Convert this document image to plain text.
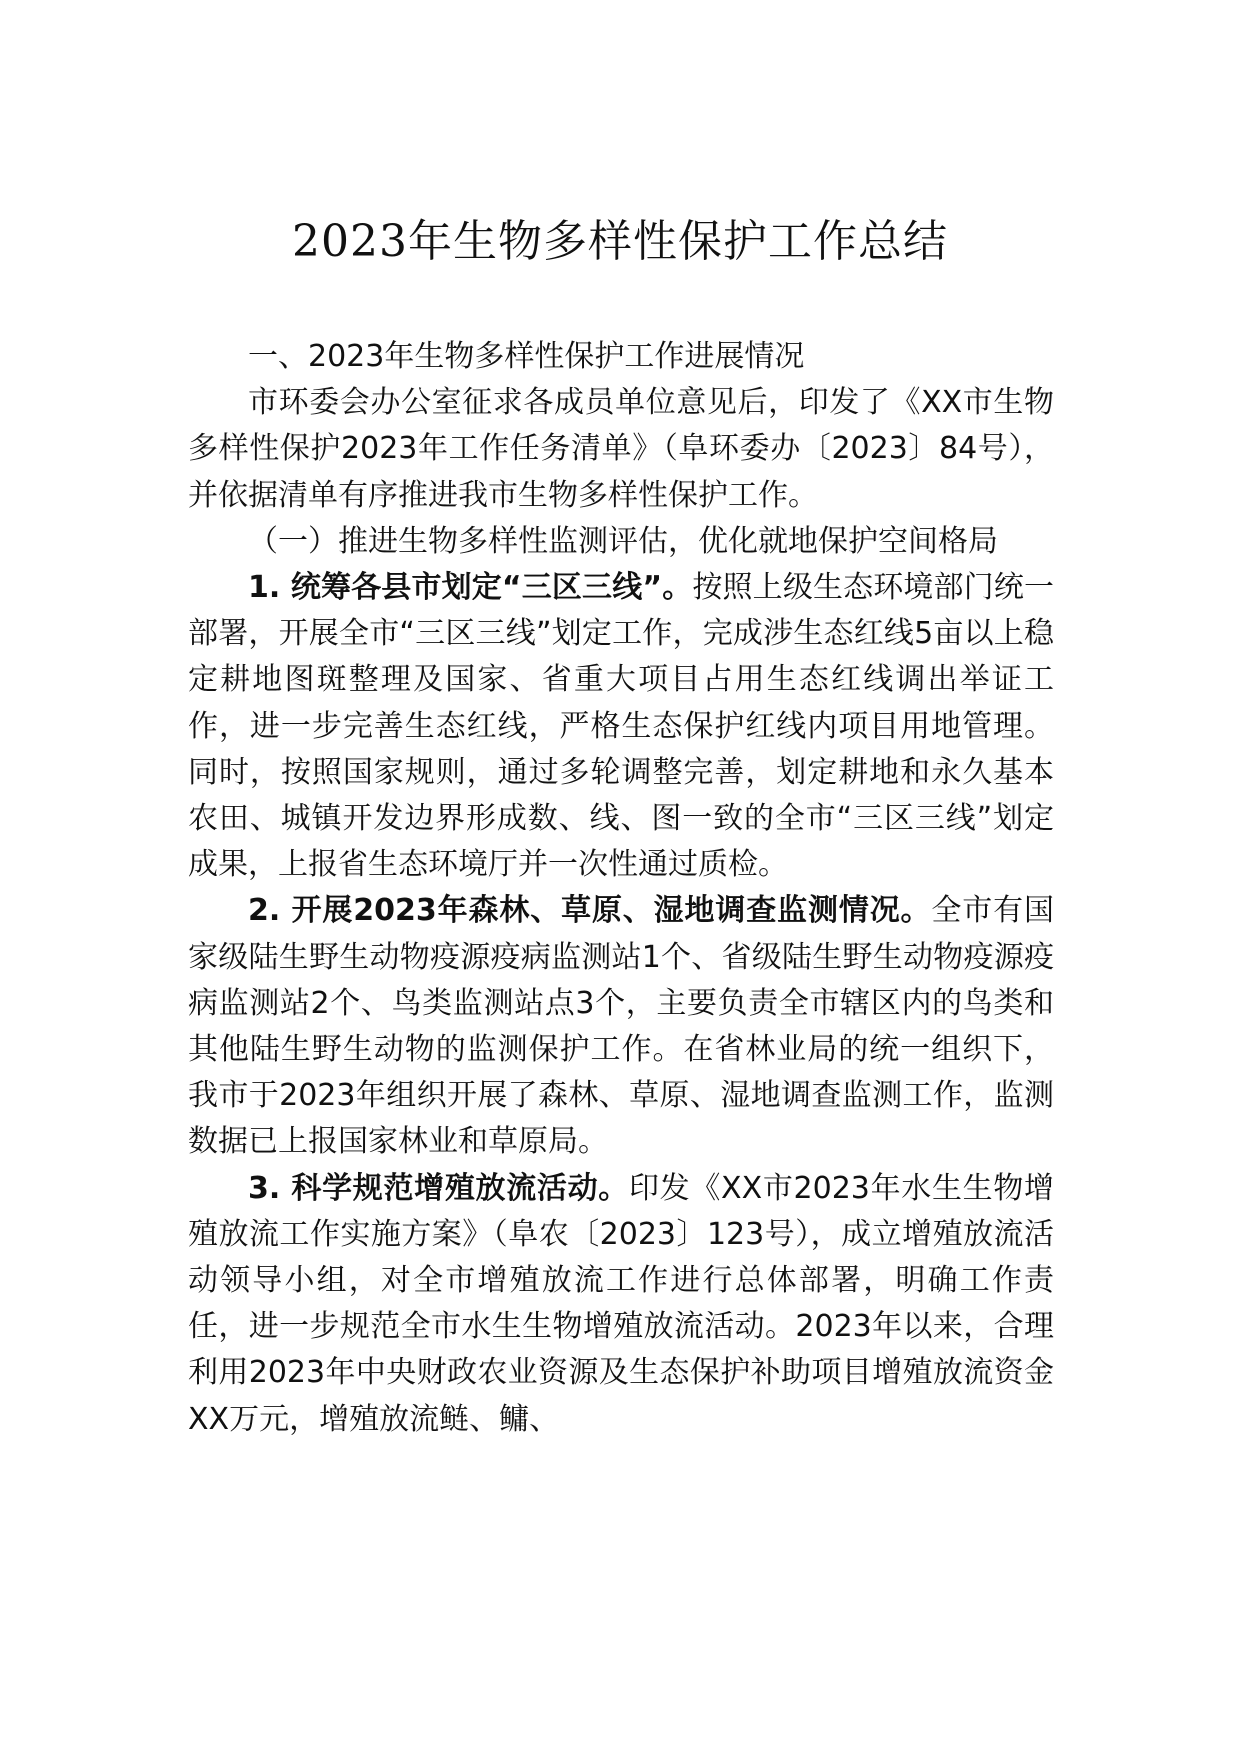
2023年生物多样性保护工作总结

一、2023年生物多样性保护工作进展情况

市环委会办公室征求各成员单位意见后，印发了《XX市生物多样性保护2023年工作任务清单》（阜环委办〔2023〕84号），并依据清单有序推进我市生物多样性保护工作。

（一）推进生物多样性监测评估，优化就地保护空间格局

1. 统筹各县市划定“三区三线”。按照上级生态环境部门统一部署，开展全市“三区三线”划定工作，完成涉生态红线5亩以上稳定耕地图斑整理及国家、省重大项目占用生态红线调出举证工作，进一步完善生态红线，严格生态保护红线内项目用地管理。同时，按照国家规则，通过多轮调整完善，划定耕地和永久基本农田、城镇开发边界形成数、线、图一致的全市“三区三线”划定成果，上报省生态环境厅并一次性通过质检。

2. 开展2023年森林、草原、湿地调查监测情况。全市有国家级陆生野生动物疫源疫病监测站1个、省级陆生野生动物疫源疫病监测站2个、鸟类监测站点3个，主要负责全市辖区内的鸟类和其他陆生野生动物的监测保护工作。在省林业局的统一组织下，我市于2023年组织开展了森林、草原、湿地调查监测工作，监测数据已上报国家林业和草原局。

3. 科学规范增殖放流活动。印发《XX市2023年水生生物增殖放流工作实施方案》（阜农〔2023〕123号），成立增殖放流活动领导小组，对全市增殖放流工作进行总体部署，明确工作责任，进一步规范全市水生生物增殖放流活动。2023年以来，合理利用2023年中央财政农业资源及生态保护补助项目增殖放流资金XX万元，增殖放流鲢、鳙、
